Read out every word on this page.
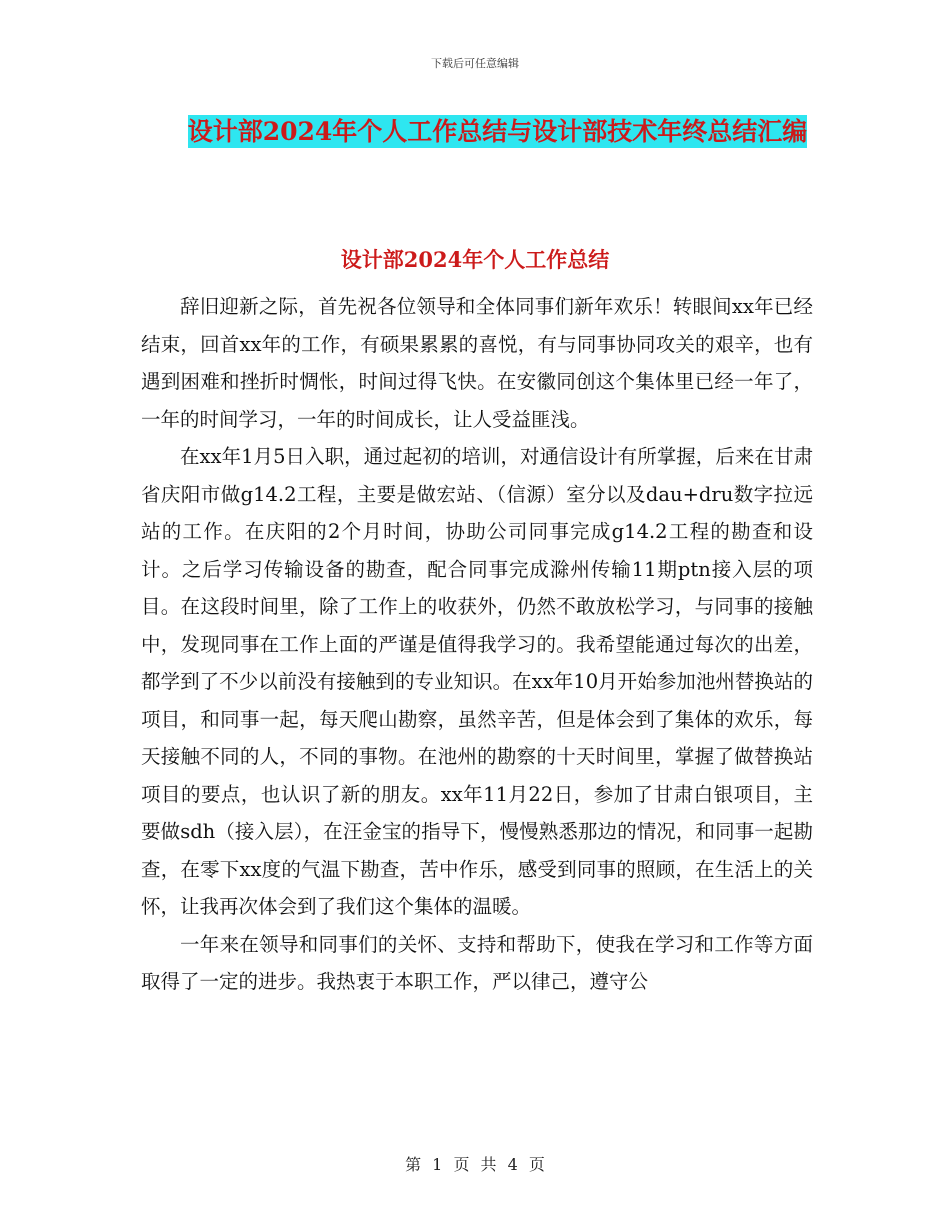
下载后可任意编辑
设计部2024年个人工作总结与设计部技术年终总结汇编
设计部2024年个人工作总结

辞旧迎新之际，首先祝各位领导和全体同事们新年欢乐！转眼间xx年已经结束，回首xx年的工作，有硕果累累的喜悦，有与同事协同攻关的艰辛，也有遇到困难和挫折时惆怅，时间过得飞快。在安徽同创这个集体里已经一年了，一年的时间学习，一年的时间成长，让人受益匪浅。

在xx年1月5日入职，通过起初的培训，对通信设计有所掌握，后来在甘肃省庆阳市做g14.2工程，主要是做宏站、（信源）室分以及dau+dru数字拉远站的工作。在庆阳的2个月时间，协助公司同事完成g14.2工程的勘查和设计。之后学习传输设备的勘查，配合同事完成滁州传输11期ptn接入层的项目。在这段时间里，除了工作上的收获外，仍然不敢放松学习，与同事的接触中，发现同事在工作上面的严谨是值得我学习的。我希望能通过每次的出差，都学到了不少以前没有接触到的专业知识。在xx年10月开始参加池州替换站的项目，和同事一起，每天爬山勘察，虽然辛苦，但是体会到了集体的欢乐，每天接触不同的人，不同的事物。在池州的勘察的十天时间里，掌握了做替换站项目的要点，也认识了新的朋友。xx年11月22日，参加了甘肃白银项目，主要做sdh（接入层），在汪金宝的指导下，慢慢熟悉那边的情况，和同事一起勘查，在零下xx度的气温下勘查，苦中作乐，感受到同事的照顾，在生活上的关怀，让我再次体会到了我们这个集体的温暖。

一年来在领导和同事们的关怀、支持和帮助下，使我在学习和工作等方面取得了一定的进步。我热衷于本职工作，严以律己，遵守公

第 1 页 共 4 页
